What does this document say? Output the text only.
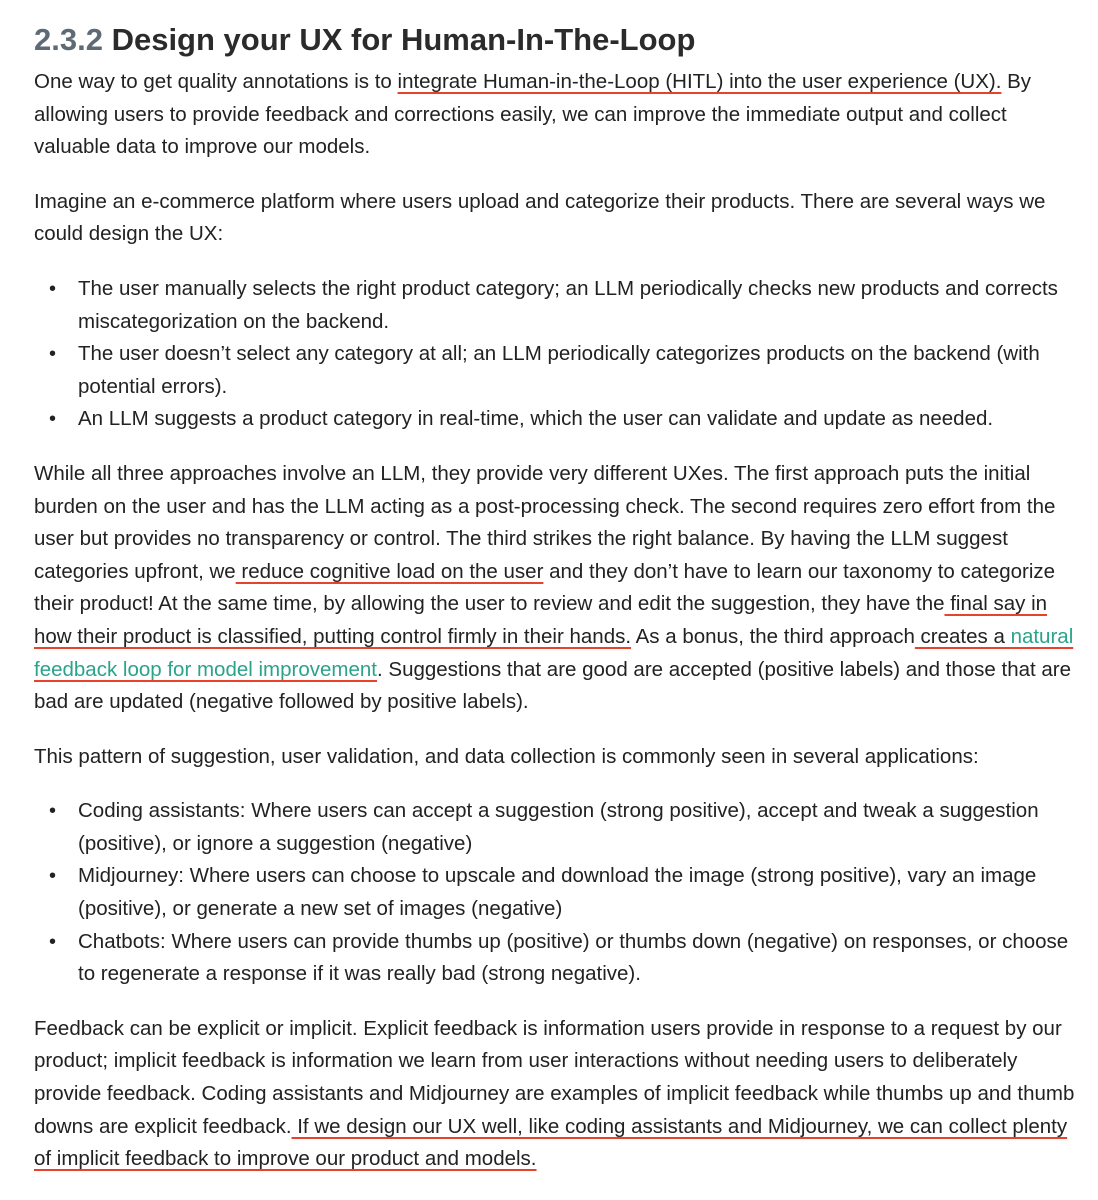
2.3.2 Design your UX for Human-In-The-Loop

One way to get quality annotations is to integrate Human-in-the-Loop (HITL) into the user experience (UX). By allowing users to provide feedback and corrections easily, we can improve the immediate output and collect valuable data to improve our models.

Imagine an e-commerce platform where users upload and categorize their products. There are several ways we could design the UX:

• The user manually selects the right product category; an LLM periodically checks new products and corrects miscategorization on the backend.
• The user doesn’t select any category at all; an LLM periodically categorizes products on the backend (with potential errors).
• An LLM suggests a product category in real-time, which the user can validate and update as needed.

While all three approaches involve an LLM, they provide very different UXes. The first approach puts the initial burden on the user and has the LLM acting as a post-processing check. The second requires zero effort from the user but provides no transparency or control. The third strikes the right balance. By having the LLM suggest categories upfront, we reduce cognitive load on the user and they don’t have to learn our taxonomy to categorize their product! At the same time, by allowing the user to review and edit the suggestion, they have the final say in how their product is classified, putting control firmly in their hands. As a bonus, the third approach creates a natural feedback loop for model improvement. Suggestions that are good are accepted (positive labels) and those that are bad are updated (negative followed by positive labels).

This pattern of suggestion, user validation, and data collection is commonly seen in several applications:

• Coding assistants: Where users can accept a suggestion (strong positive), accept and tweak a suggestion (positive), or ignore a suggestion (negative)
• Midjourney: Where users can choose to upscale and download the image (strong positive), vary an image (positive), or generate a new set of images (negative)
• Chatbots: Where users can provide thumbs up (positive) or thumbs down (negative) on responses, or choose to regenerate a response if it was really bad (strong negative).

Feedback can be explicit or implicit. Explicit feedback is information users provide in response to a request by our product; implicit feedback is information we learn from user interactions without needing users to deliberately provide feedback. Coding assistants and Midjourney are examples of implicit feedback while thumbs up and thumb downs are explicit feedback. If we design our UX well, like coding assistants and Midjourney, we can collect plenty of implicit feedback to improve our product and models.
